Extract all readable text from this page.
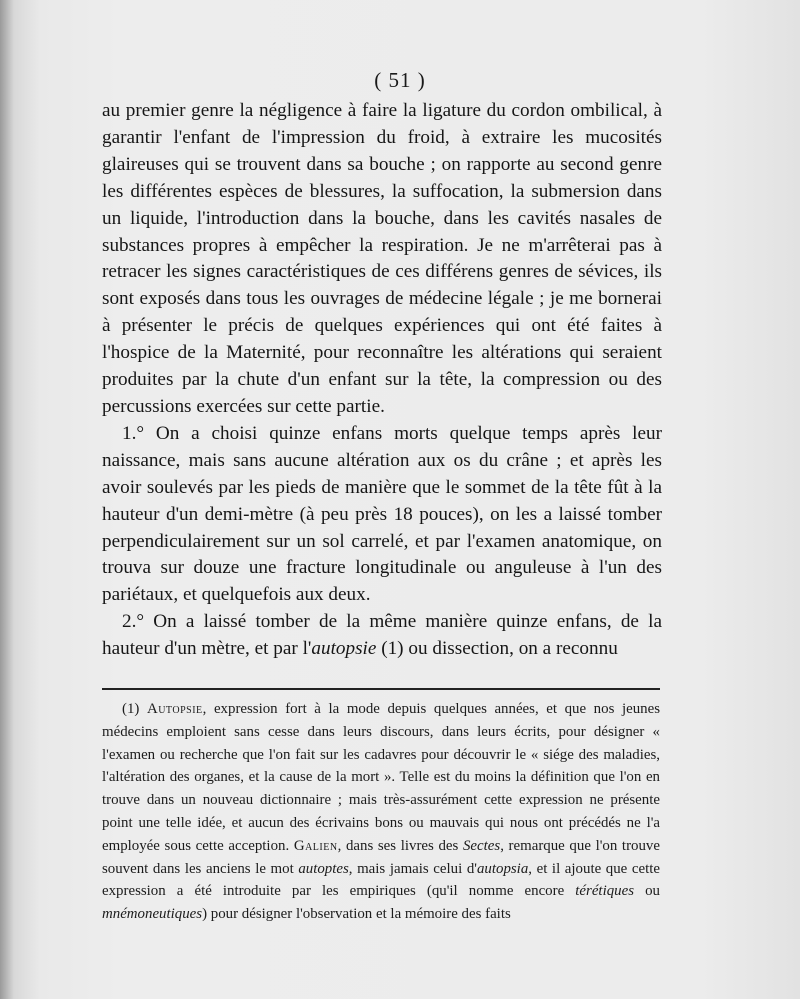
( 51 )

au premier genre la négligence à faire la ligature du cordon ombilical, à garantir l'enfant de l'impression du froid, à extraire les mucosités glaireuses qui se trouvent dans sa bouche ; on rapporte au second genre les différentes espèces de blessures, la suffocation, la submersion dans un liquide, l'introduction dans la bouche, dans les cavités nasales de substances propres à empêcher la respiration. Je ne m'arrêterai pas à retracer les signes caractéristiques de ces différens genres de sévices, ils sont exposés dans tous les ouvrages de médecine légale ; je me bornerai à présenter le précis de quelques expériences qui ont été faites à l'hospice de la Maternité, pour reconnaître les altérations qui seraient produites par la chute d'un enfant sur la tête, la compression ou des percussions exercées sur cette partie.

1.° On a choisi quinze enfans morts quelque temps après leur naissance, mais sans aucune altération aux os du crâne ; et après les avoir soulevés par les pieds de manière que le sommet de la tête fût à la hauteur d'un demi-mètre (à peu près 18 pouces), on les a laissé tomber perpendiculairement sur un sol carrelé, et par l'examen anatomique, on trouva sur douze une fracture longitudinale ou anguleuse à l'un des pariétaux, et quelquefois aux deux.

2.° On a laissé tomber de la même manière quinze enfans, de la hauteur d'un mètre, et par l'autopsie (1) ou dissection, on a reconnu

(1) Autopsie, expression fort à la mode depuis quelques années, et que nos jeunes médecins emploient sans cesse dans leurs discours, dans leurs écrits, pour désigner « l'examen ou recherche que l'on fait sur les cadavres pour découvrir le « siége des maladies, l'altération des organes, et la cause de la mort ». Telle est du moins la définition que l'on en trouve dans un nouveau dictionnaire ; mais très-assurément cette expression ne présente point une telle idée, et aucun des écrivains bons ou mauvais qui nous ont précédés ne l'a employée sous cette acception. Galien, dans ses livres des Sectes, remarque que l'on trouve souvent dans les anciens le mot autoptes, mais jamais celui d'autopsia, et il ajoute que cette expression a été introduite par les empiriques (qu'il nomme encore térétiques ou mnémoneutiques) pour désigner l'observation et la mémoire des faits
